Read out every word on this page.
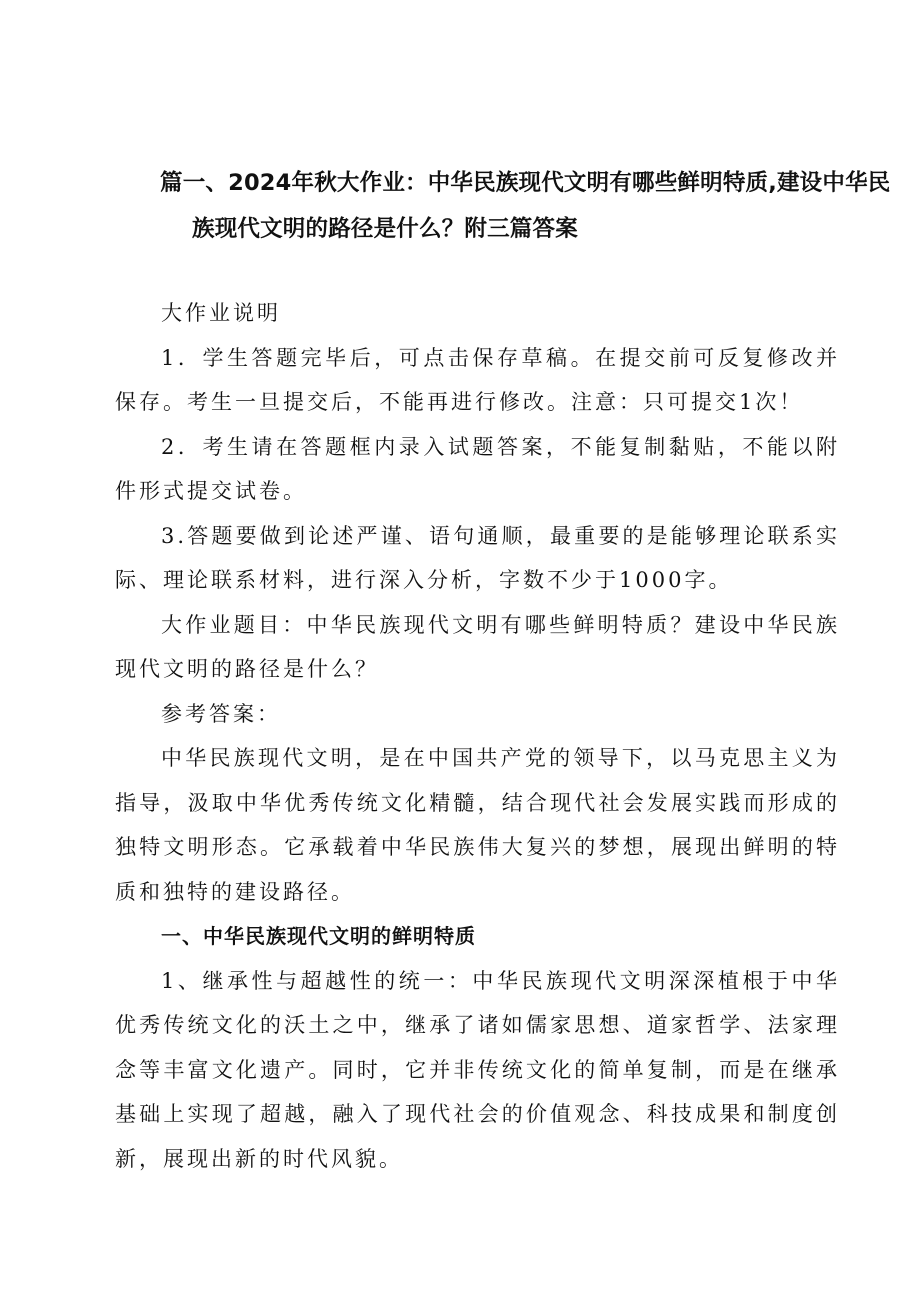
篇一、2024年秋大作业：中华民族现代文明有哪些鲜明特质,建设中华民
族现代文明的路径是什么？附三篇答案

大作业说明

1．学生答题完毕后，可点击保存草稿。在提交前可反复修改并保存。考生一旦提交后，不能再进行修改。注意：只可提交1次！

2．考生请在答题框内录入试题答案，不能复制黏贴，不能以附件形式提交试卷。

3.答题要做到论述严谨、语句通顺，最重要的是能够理论联系实际、理论联系材料，进行深入分析，字数不少于1000字。

大作业题目：中华民族现代文明有哪些鲜明特质？建设中华民族现代文明的路径是什么？

参考答案：

中华民族现代文明，是在中国共产党的领导下，以马克思主义为指导，汲取中华优秀传统文化精髓，结合现代社会发展实践而形成的独特文明形态。它承载着中华民族伟大复兴的梦想，展现出鲜明的特质和独特的建设路径。

一、中华民族现代文明的鲜明特质

1、继承性与超越性的统一：中华民族现代文明深深植根于中华优秀传统文化的沃土之中，继承了诸如儒家思想、道家哲学、法家理念等丰富文化遗产。同时，它并非传统文化的简单复制，而是在继承基础上实现了超越，融入了现代社会的价值观念、科技成果和制度创新，展现出新的时代风貌。
